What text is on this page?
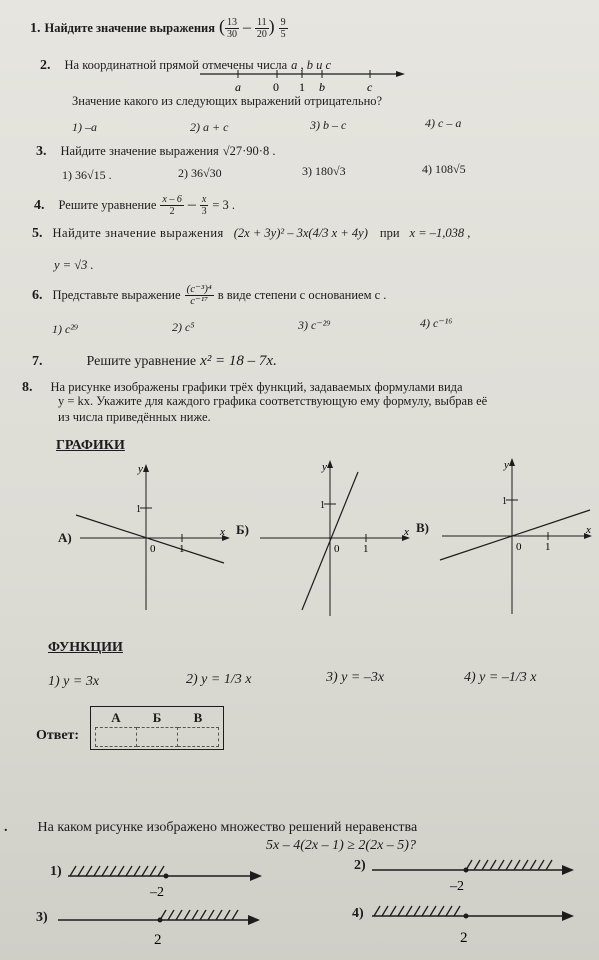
1. Найдите значение выражения ( $\frac{13}{30} - \frac{11}{20}$ ) $\frac{9}{5}$
2. На координатной прямой отмечены числа a , b и c
a	0 1 b	c
Значение какого из следующих выражений отрицательно?
1) –a	2) a + c	3) b – c	4) c – a
3. Найдите значение выражения √27·90·8 .
1) 36√15 .	2) 36√30	3) 180√3	4) 108√5
4. Решите уравнение $\frac{x - 6}{2} - \frac{x}{3} = 3$ .
5. Найдите значение выражения (2x + 3y)² – 3x(4/3 x + 4y) при x = –1,038 ,
y = √3 .
6. Представьте выражение $\frac{\text{(c⁻³)⁴}}{\text{c⁻¹⁷}}$ в виде степени с основанием c .
1) c²⁹	2) c⁵	3) c⁻²⁹	4) c⁻¹⁶
7.	Решите уравнение x² = 18 – 7x.
8. На рисунке изображены графики трёх функций, задаваемых формулами вида
y = kx. Укажите для каждого графика соответствующую ему формулу, выбрав её
из числа приведённых ниже.
ГРАФИКИ
А)
Б)	В)
0 1
x
y
1
0 1
x
y
1
0 1
x
y
1
ФУНКЦИИ
1) y = 3x	2) y = 1/3 x	3) y = –3x	4) y = –1/3 x
Ответ:
А	Б	В

. На каком рисунке изображено множество решений неравенства
5x – 4(2x – 1) ≥ 2(2x – 5)?
1)	2)
3)	4)
–2	–2
2	2
